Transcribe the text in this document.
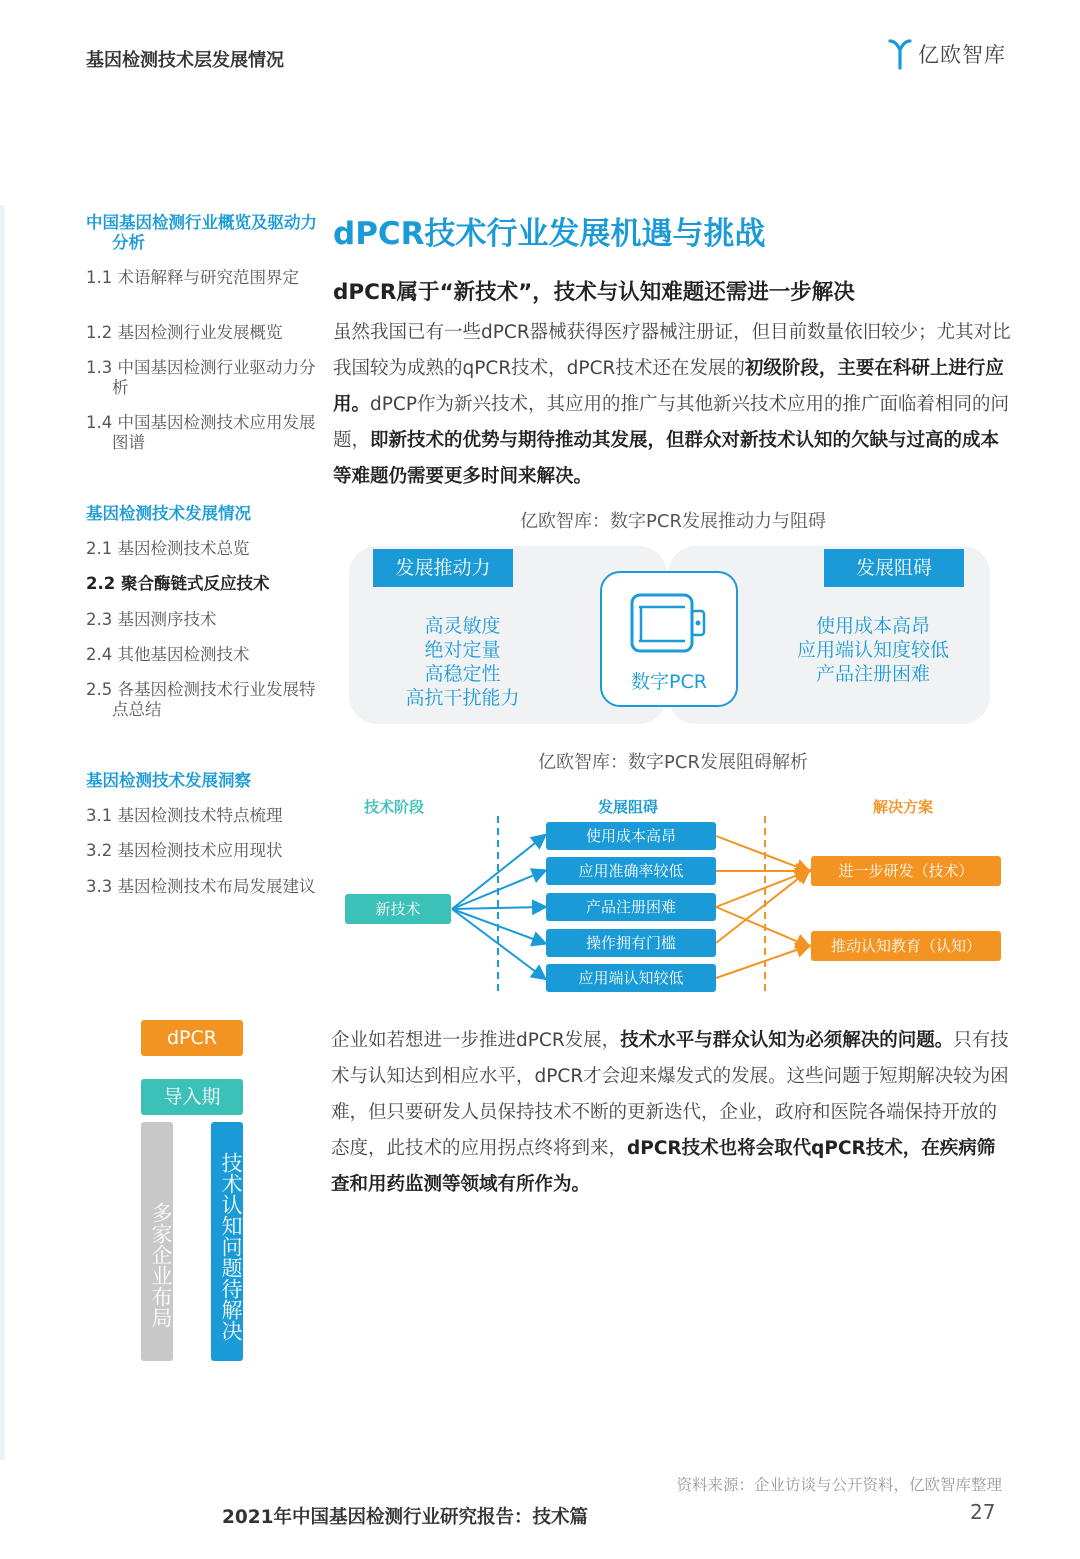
基因检测技术层发展情况	亿欧智库
中国基因检测行业概览及驱动力分析
1.1 术语解释与研究范围界定
1.2 基因检测行业发展概览
1.3 中国基因检测行业驱动力分析
1.4 中国基因检测技术应用发展图谱
基因检测技术发展情况
2.1 基因检测技术总览
2.2 聚合酶链式反应技术
2.3 基因测序技术
2.4 其他基因检测技术
2.5 各基因检测技术行业发展特点总结
基因检测技术发展洞察
3.1 基因检测技术特点梳理
3.2 基因检测技术应用现状
3.3 基因检测技术布局发展建议
dPCR技术行业发展机遇与挑战
dPCR属于“新技术”，技术与认知难题还需进一步解决
虽然我国已有一些dPCR器械获得医疗器械注册证，但目前数量依旧较少；尤其对比我国较为成熟的qPCR技术，dPCR技术还在发展的初级阶段，主要在科研上进行应用。dPCP作为新兴技术，其应用的推广与其他新兴技术应用的推广面临着相同的问题，即新技术的优势与期待推动其发展，但群众对新技术认知的欠缺与过高的成本等难题仍需要更多时间来解决。
亿欧智库：数字PCR发展推动力与阻碍
发展推动力	发展阻碍
高灵敏度
绝对定量
高稳定性
高抗干扰能力
使用成本高昂
应用端认知度较低
产品注册困难
数字PCR
亿欧智库：数字PCR发展阻碍解析
技术阶段	发展阻碍	解决方案
新技术
使用成本高昂
应用准确率较低
产品注册困难
操作拥有门槛
应用端认知较低
进一步研发（技术）
推动认知教育（认知）
dPCR
导入期
多家企业布局	技术认知问题待解决
企业如若想进一步推进dPCR发展，技术水平与群众认知为必须解决的问题。只有技术与认知达到相应水平，dPCR才会迎来爆发式的发展。这些问题于短期解决较为困难，但只要研发人员保持技术不断的更新迭代，企业，政府和医院各端保持开放的态度，此技术的应用拐点终将到来，dPCR技术也将会取代qPCR技术，在疾病筛查和用药监测等领域有所作为。
资料来源：企业访谈与公开资料，亿欧智库整理
2021年中国基因检测行业研究报告：技术篇	27
